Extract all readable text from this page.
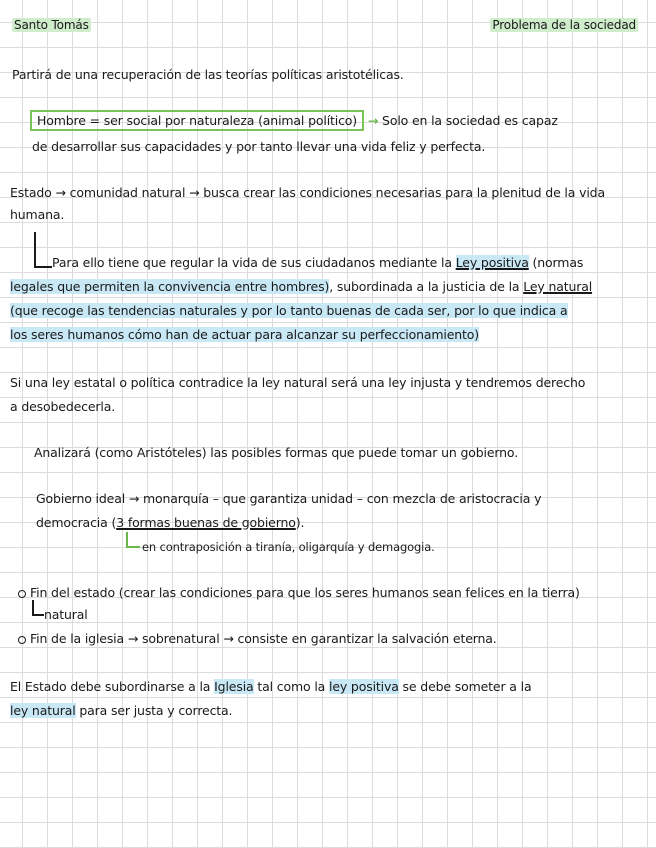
Santo Tomás	Problema de la sociedad
Partirá de una recuperación de las teorías políticas aristotélicas.
Hombre = ser social por naturaleza (animal político) → Solo en la sociedad es capaz
de desarrollar sus capacidades y por tanto llevar una vida feliz y perfecta.
Estado → comunidad natural → busca crear las condiciones necesarias para la plenitud de la vida
humana.
Para ello tiene que regular la vida de sus ciudadanos mediante la Ley positiva (normas
legales que permiten la convivencia entre hombres), subordinada a la justicia de la Ley natural
(que recoge las tendencias naturales y por lo tanto buenas de cada ser, por lo que indica a
los seres humanos cómo han de actuar para alcanzar su perfeccionamiento)
Si una ley estatal o política contradice la ley natural será una ley injusta y tendremos derecho
a desobedecerla.
Analizará (como Aristóteles) las posibles formas que puede tomar un gobierno.
Gobierno ideal → monarquía – que garantiza unidad – con mezcla de aristocracia y
democracia (3 formas buenas de gobierno).
en contraposición a tiranía, oligarquía y demagogia.
Fin del estado (crear las condiciones para que los seres humanos sean felices en la tierra)
natural
Fin de la iglesia → sobrenatural → consiste en garantizar la salvación eterna.
El Estado debe subordinarse a la Iglesia tal como la ley positiva se debe someter a la
ley natural para ser justa y correcta.
